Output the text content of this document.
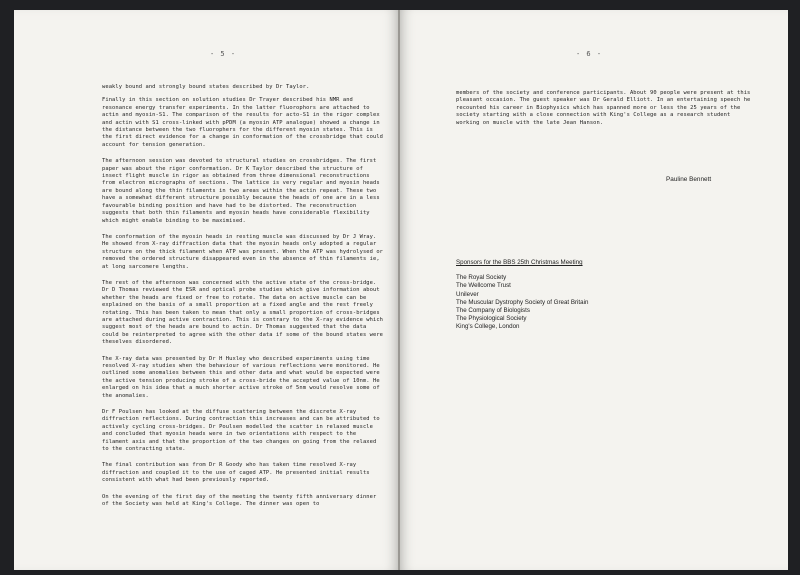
- 5 -

weakly bound and strongly bound states described by Dr Taylor.

Finally in this section on solution studies Dr Trayer described his NMR and resonance energy transfer experiments. In the latter fluorophors are attached to actin and myosin-S1. The comparison of the results for acto-S1 in the rigor complex and actin with S1 cross-linked with pPDM (a myosin ATP analogue) showed a change in the distance between the two fluorophers for the different myosin states. This is the first direct evidence for a change in conformation of the crossbridge that could account for tension generation.

The afternoon session was devoted to structural studies on crossbridges. The first paper was about the rigor conformation. Dr K Taylor described the structure of insect flight muscle in rigor as obtained from three dimensional reconstructions from electron micrographs of sections. The lattice is very regular and myosin heads are bound along the thin filaments in two areas within the actin repeat. These two have a somewhat different structure possibly because the heads of one are in a less favourable binding position and have had to be distorted. The reconstruction suggests that both thin filaments and myosin heads have considerable flexibility which might enable binding to be maximised.

The conformation of the myosin heads in resting muscle was discussed by Dr J Wray. He showed from X-ray diffraction data that the myosin heads only adopted a regular structure on the thick filament when ATP was present. When the ATP was hydrolysed or removed the ordered structure disappeared even in the absence of thin filaments ie, at long sarcomere lengths.

The rest of the afternoon was concerned with the active state of the cross-bridge. Dr D Thomas reviewed the ESR and optical probe studies which give information about whether the heads are fixed or free to rotate. The data on active muscle can be explained on the basis of a small proportion at a fixed angle and the rest freely rotating. This has been taken to mean that only a small proportion of cross-bridges are attached during active contraction. This is contrary to the X-ray evidence which suggest most of the heads are bound to actin. Dr Thomas suggested that the data could be reinterpreted to agree with the other data if some of the bound states were theselves disordered.

The X-ray data was presented by Dr H Huxley who described experiments using time resolved X-ray studies when the behaviour of various reflections were monitored. He outlined some anomalies between this and other data and what would be expected were the active tension producing stroke of a cross-bride the accepted value of 10nm. He enlarged on his idea that a much shorter active stroke of 5nm would resolve some of the anomalies.

Dr F Poulsen has looked at the diffuse scattering between the discrete X-ray diffraction reflections. During contraction this increases and can be attributed to actively cycling cross-bridges. Dr Poulsen modelled the scatter in relaxed muscle and concluded that myosin heads were in two orientations with respect to the filament axis and that the proportion of the two changes on going from the relaxed to the contracting state.

The final contribution was from Dr R Goody who has taken time resolved X-ray diffraction and coupled it to the use of caged ATP. He presented initial results consistent with what had been previously reported.

On the evening of the first day of the meeting the twenty fifth anniversary dinner of the Society was held at King's College. The dinner was open to

- 6 -

members of the society and conference participants. About 90 people were present at this pleasant occasion. The guest speaker was Dr Gerald Elliott. In an entertaining speech he recounted his career in Biophysics which has spanned more or less the 25 years of the society starting with a close connection with King's College as a research student working on muscle with the late Jean Hanson.

Pauline Bennett
Sponsors for the BBS 25th Christmas Meeting
The Royal Society
The Wellcome Trust
Unilever
The Muscular Dystrophy Society of Great Britain
The Company of Biologists
The Physiological Society
King's College, London
